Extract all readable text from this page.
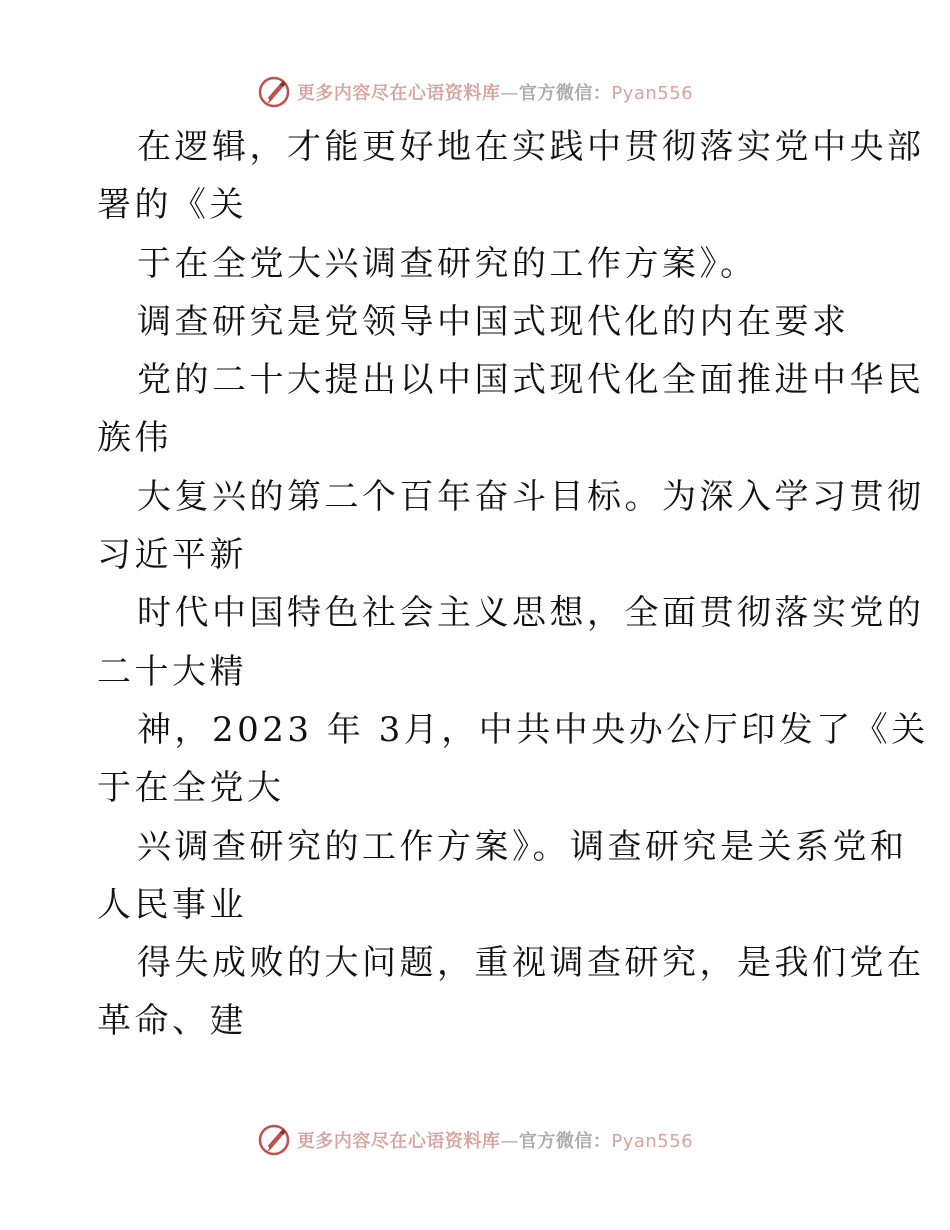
更多内容尽在心语资料库—官方微信：Pyan556
在逻辑，才能更好地在实践中贯彻落实党中央部
署的《关
于在全党大兴调查研究的工作方案》。
调查研究是党领导中国式现代化的内在要求
党的二十大提出以中国式现代化全面推进中华民
族伟
大复兴的第二个百年奋斗目标。为深入学习贯彻
习近平新
时代中国特色社会主义思想，全面贯彻落实党的
二十大精
神，2023 年 3月，中共中央办公厅印发了《关
于在全党大
兴调查研究的工作方案》。调查研究是关系党和
人民事业
得失成败的大问题，重视调查研究，是我们党在
革命、建
更多内容尽在心语资料库—官方微信：Pyan556
